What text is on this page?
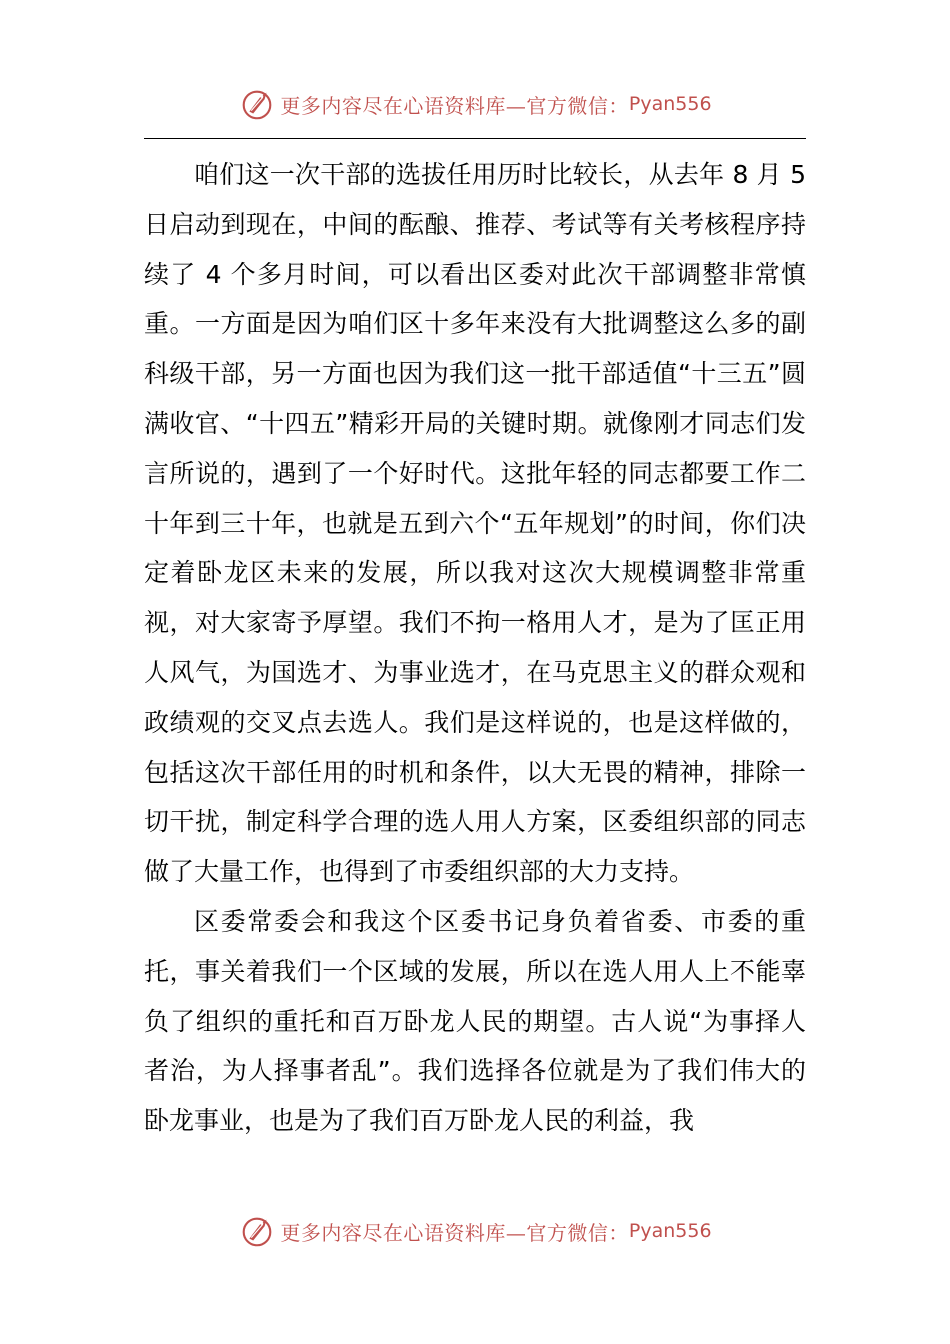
更多内容尽在心语资料库—官方微信： Pyan556

咱们这一次干部的选拔任用历时比较长，从去年 8 月 5 日启动到现在，中间的酝酿、推荐、考试等有关考核程序持续了 4 个多月时间，可以看出区委对此次干部调整非常慎重。一方面是因为咱们区十多年来没有大批调整这么多的副科级干部，另一方面也因为我们这一批干部适值“十三五”圆满收官、“十四五”精彩开局的关键时期。就像刚才同志们发言所说的，遇到了一个好时代。这批年轻的同志都要工作二十年到三十年，也就是五到六个“五年规划”的时间，你们决定着卧龙区未来的发展，所以我对这次大规模调整非常重视，对大家寄予厚望。我们不拘一格用人才，是为了匡正用人风气，为国选才、为事业选才，在马克思主义的群众观和政绩观的交叉点去选人。我们是这样说的，也是这样做的，包括这次干部任用的时机和条件，以大无畏的精神，排除一切干扰，制定科学合理的选人用人方案，区委组织部的同志做了大量工作，也得到了市委组织部的大力支持。

区委常委会和我这个区委书记身负着省委、市委的重托，事关着我们一个区域的发展，所以在选人用人上不能辜负了组织的重托和百万卧龙人民的期望。古人说“为事择人者治，为人择事者乱”。我们选择各位就是为了我们伟大的卧龙事业，也是为了我们百万卧龙人民的利益，我

更多内容尽在心语资料库—官方微信： Pyan556
